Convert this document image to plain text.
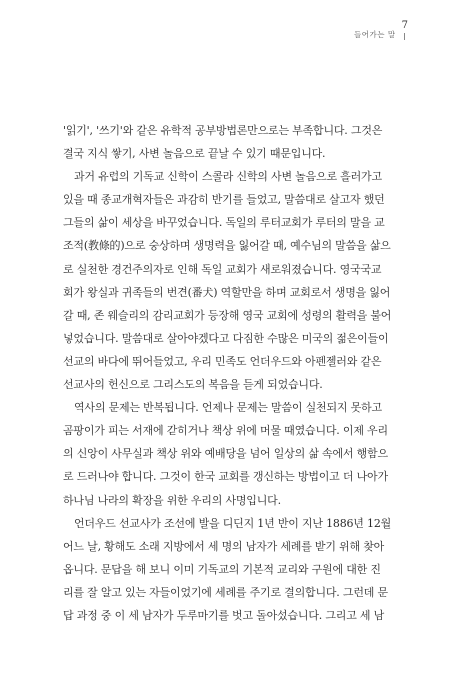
들어가는 말
7

'읽기', '쓰기'와 같은 유학적 공부방법론만으로는 부족합니다. 그것은
결국 지식 쌓기, 사변 놀음으로 끝날 수 있기 때문입니다.

과거 유럽의 기독교 신학이 스콜라 신학의 사변 놀음으로 흘러가고
있을 때 종교개혁자들은 과감히 반기를 들었고, 말씀대로 살고자 했던
그들의 삶이 세상을 바꾸었습니다. 독일의 루터교회가 루터의 말을 교
조적(教條的)으로 숭상하며 생명력을 잃어갈 때, 예수님의 말씀을 삶으
로 실천한 경건주의자로 인해 독일 교회가 새로워졌습니다. 영국국교
회가 왕실과 귀족들의 번견(番犬) 역할만을 하며 교회로서 생명을 잃어
갈 때, 존 웨슬리의 감리교회가 등장해 영국 교회에 성령의 활력을 불어
넣었습니다. 말씀대로 살아야겠다고 다짐한 수많은 미국의 젊은이들이
선교의 바다에 뛰어들었고, 우리 민족도 언더우드와 아펜젤러와 같은
선교사의 헌신으로 그리스도의 복음을 듣게 되었습니다.

역사의 문제는 반복됩니다. 언제나 문제는 말씀이 실천되지 못하고
곰팡이가 피는 서재에 갇히거나 책상 위에 머물 때였습니다. 이제 우리
의 신앙이 사무실과 책상 위와 예배당을 넘어 일상의 삶 속에서 행함으
로 드러나야 합니다. 그것이 한국 교회를 갱신하는 방법이고 더 나아가
하나님 나라의 확장을 위한 우리의 사명입니다.

언더우드 선교사가 조선에 발을 디딘지 1년 반이 지난 1886년 12월
어느 날, 황해도 소래 지방에서 세 명의 남자가 세례를 받기 위해 찾아
옵니다. 문답을 해 보니 이미 기독교의 기본적 교리와 구원에 대한 진
리를 잘 알고 있는 자들이었기에 세례를 주기로 결의합니다. 그런데 문
답 과정 중 이 세 남자가 두루마기를 벗고 돌아섰습니다. 그리고 세 남
